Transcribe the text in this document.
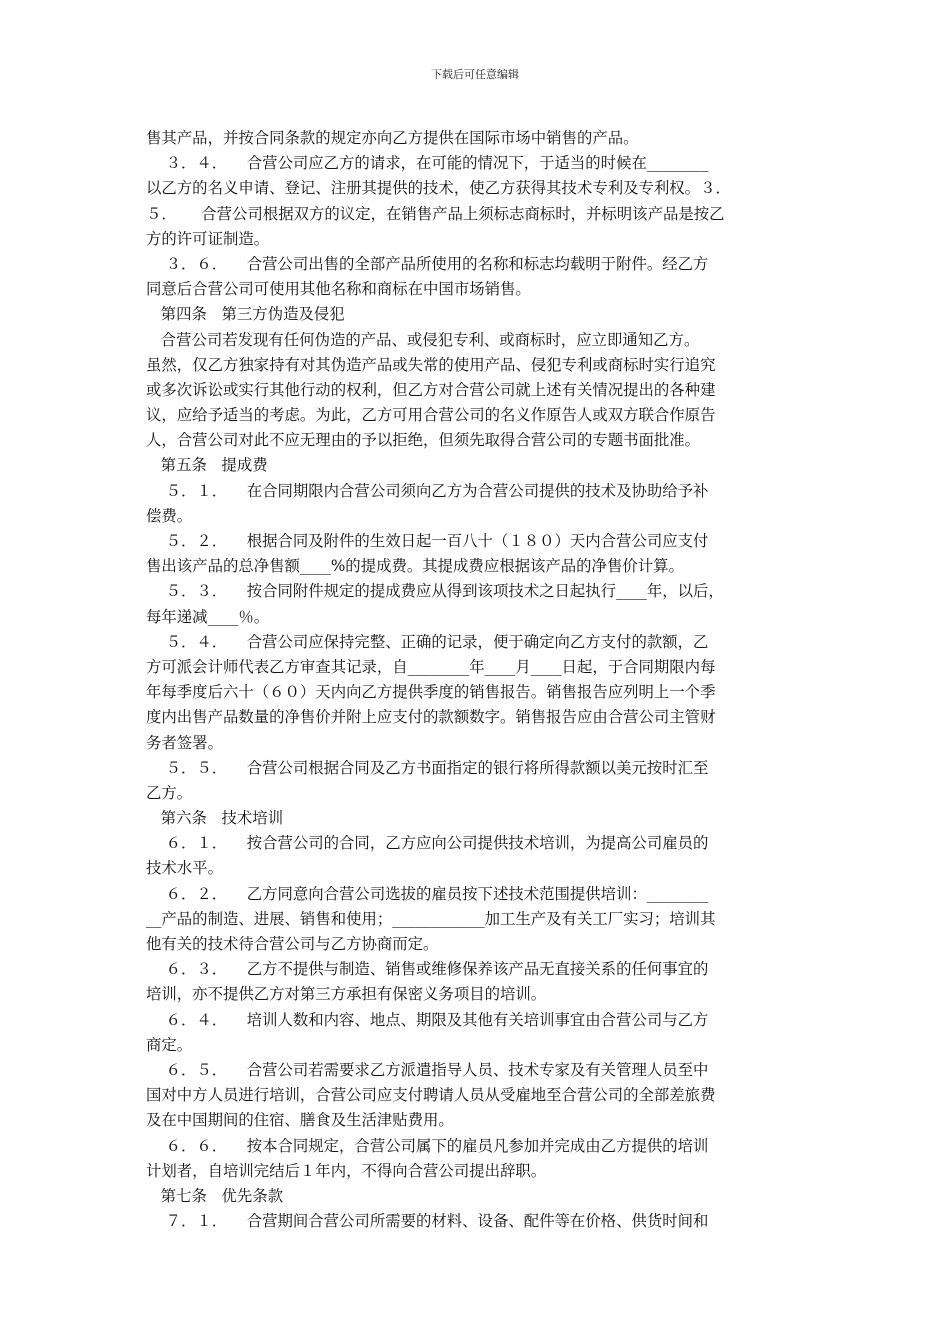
下载后可任意编辑
售其产品，并按合同条款的规定亦向乙方提供在国际市场中销售的产品。
３．４．    合营公司应乙方的请求，在可能的情况下，于适当的时候在________
以乙方的名义申请、登记、注册其提供的技术，使乙方获得其技术专利及专利权。３．
５．     合营公司根据双方的议定，在销售产品上须标志商标时，并标明该产品是按乙
方的许可证制造。
３．６．    合营公司出售的全部产品所使用的名称和标志均载明于附件。经乙方
同意后合营公司可使用其他名称和商标在中国市场销售。
第四条   第三方伪造及侵犯
合营公司若发现有任何伪造的产品、或侵犯专利、或商标时，应立即通知乙方。
虽然，仅乙方独家持有对其伪造产品或失常的使用产品、侵犯专利或商标时实行追究
或多次诉讼或实行其他行动的权利，但乙方对合营公司就上述有关情况提出的各种建
议，应给予适当的考虑。为此，乙方可用合营公司的名义作原告人或双方联合作原告
人，合营公司对此不应无理由的予以拒绝，但须先取得合营公司的专题书面批准。
第五条   提成费
５．１．    在合同期限内合营公司须向乙方为合营公司提供的技术及协助给予补
偿费。
５．２．    根据合同及附件的生效日起一百八十（１８０）天内合营公司应支付
售出该产品的总净售额____%的提成费。其提成费应根据该产品的净售价计算。
５．３．    按合同附件规定的提成费应从得到该项技术之日起执行____年，以后，
每年递减____％。
５．４．    合营公司应保持完整、正确的记录，便于确定向乙方支付的款额，乙
方可派会计师代表乙方审查其记录，自________年____月____日起，于合同期限内每
年每季度后六十（６０）天内向乙方提供季度的销售报告。销售报告应列明上一个季
度内出售产品数量的净售价并附上应支付的款额数字。销售报告应由合营公司主管财
务者签署。
５．５．    合营公司根据合同及乙方书面指定的银行将所得款额以美元按时汇至
乙方。
第六条   技术培训
６．１．    按合营公司的合同，乙方应向公司提供技术培训，为提高公司雇员的
技术水平。
６．２．    乙方同意向合营公司选拔的雇员按下述技术范围提供培训：________
__产品的制造、进展、销售和使用；____________加工生产及有关工厂实习；培训其
他有关的技术待合营公司与乙方协商而定。
６．３．    乙方不提供与制造、销售或维修保养该产品无直接关系的任何事宜的
培训，亦不提供乙方对第三方承担有保密义务项目的培训。
６．４．    培训人数和内容、地点、期限及其他有关培训事宜由合营公司与乙方
商定。
６．５．    合营公司若需要求乙方派遣指导人员、技术专家及有关管理人员至中
国对中方人员进行培训，合营公司应支付聘请人员从受雇地至合营公司的全部差旅费
及在中国期间的住宿、膳食及生活津贴费用。
６．６．    按本合同规定，合营公司属下的雇员凡参加并完成由乙方提供的培训
计划者，自培训完结后１年内，不得向合营公司提出辞职。
第七条   优先条款
７．１．    合营期间合营公司所需要的材料、设备、配件等在价格、供货时间和
